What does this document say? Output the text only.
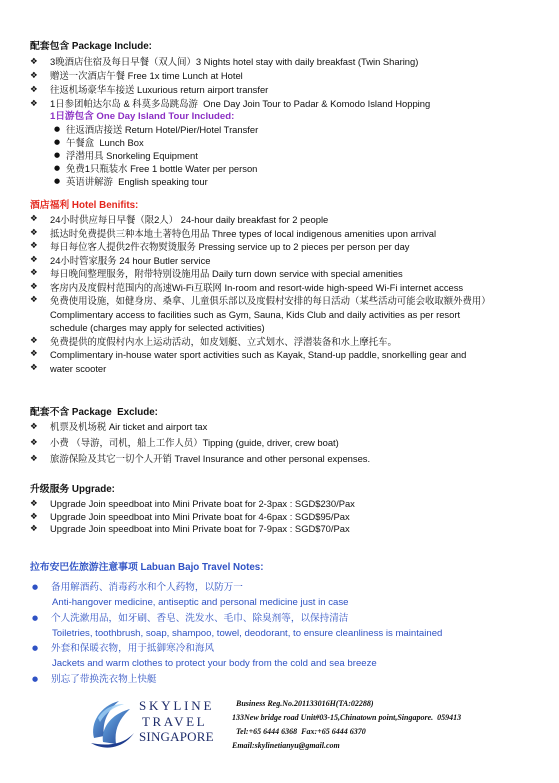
配套包含 Package Include:
❖
3晚酒店住宿及每日早餐（双人间）3 Nights hotel stay with daily breakfast (Twin Sharing)
❖
赠送一次酒店午餐 Free 1x time Lunch at Hotel
❖
往返机场豪华车接送 Luxurious return airport transfer
❖
1日参团帕达尔岛 & 科莫多岛跳岛游  One Day Join Tour to Padar & Komodo Island Hopping
1日游包含 One Day Island Tour Included:
●
往返酒店接送 Return Hotel/Pier/Hotel Transfer
●
午餐盒  Lunch Box
●
浮潜用具 Snorkeling Equipment
●
免费1只瓶装水 Free 1 bottle Water per person
●
英语讲解游  English speaking tour
酒店福利 Hotel Benifits:
❖
24小时供应每日早餐（限2人） 24-hour daily breakfast for 2 people
❖
抵达时免费提供三种本地土著特色用品 Three types of local indigenous amenities upon arrival
❖
每日每位客人提供2件衣物熨烫服务 Pressing service up to 2 pieces per person per day
❖
24小时管家服务 24 hour Butler service
❖
每日晚间整理服务，附带特别设施用品 Daily turn down service with special amenities
❖
客房内及度假村范围内的高速Wi-Fi互联网 In-room and resort-wide high-speed Wi-Fi internet access
❖
免费使用设施，如健身房、桑拿、儿童俱乐部以及度假村安排的每日活动（某些活动可能会收取额外费用）
Complimentary access to facilities such as Gym, Sauna, Kids Club and daily activities as per resort
schedule (charges may apply for selected activities)
❖
免费提供的度假村内水上运动活动，如皮划艇、立式划水、浮潜装备和水上摩托车。
❖
Complimentary in-house water sport activities such as Kayak, Stand-up paddle, snorkelling gear and
❖
water scooter
配套不含 Package  Exclude:
❖
机票及机场税 Air ticket and airport tax
❖
小费 （导游，司机，船上工作人员）Tipping (guide, driver, crew boat)
❖
旅游保险及其它一切个人开销 Travel Insurance and other personal expenses.
升级服务 Upgrade:
❖
Upgrade Join speedboat into Mini Private boat for 2-3pax : SGD$230/Pax
❖
Upgrade Join speedboat into Mini Private boat for 4-6pax : SGD$95/Pax
❖
Upgrade Join speedboat into Mini Private boat for 7-9pax : SGD$70/Pax
拉布安巴佐旅游注意事项 Labuan Bajo Travel Notes:
●
备用解酒药、消毒药水和个人药物，以防万一
Anti-hangover medicine, antiseptic and personal medicine just in case
●
个人洗漱用品，如牙刷、香皂、洗发水、毛巾、除臭剂等，以保持清洁
Toiletries, toothbrush, soap, shampoo, towel, deodorant, to ensure cleanliness is maintained
●
外套和保暖衣物，用于抵御寒冷和海风
Jackets and warm clothes to protect your body from the cold and sea breeze
●
别忘了带换洗衣物上快艇
SKYLINE
TRAVEL
SINGAPORE
Business Reg.No.201133016H(TA:02288)
133New bridge road Unit#03-15,Chinatown point,Singapore.  059413
Tel:+65 6444 6368  Fax:+65 6444 6370
Email:skylinetianyu@gmail.com
